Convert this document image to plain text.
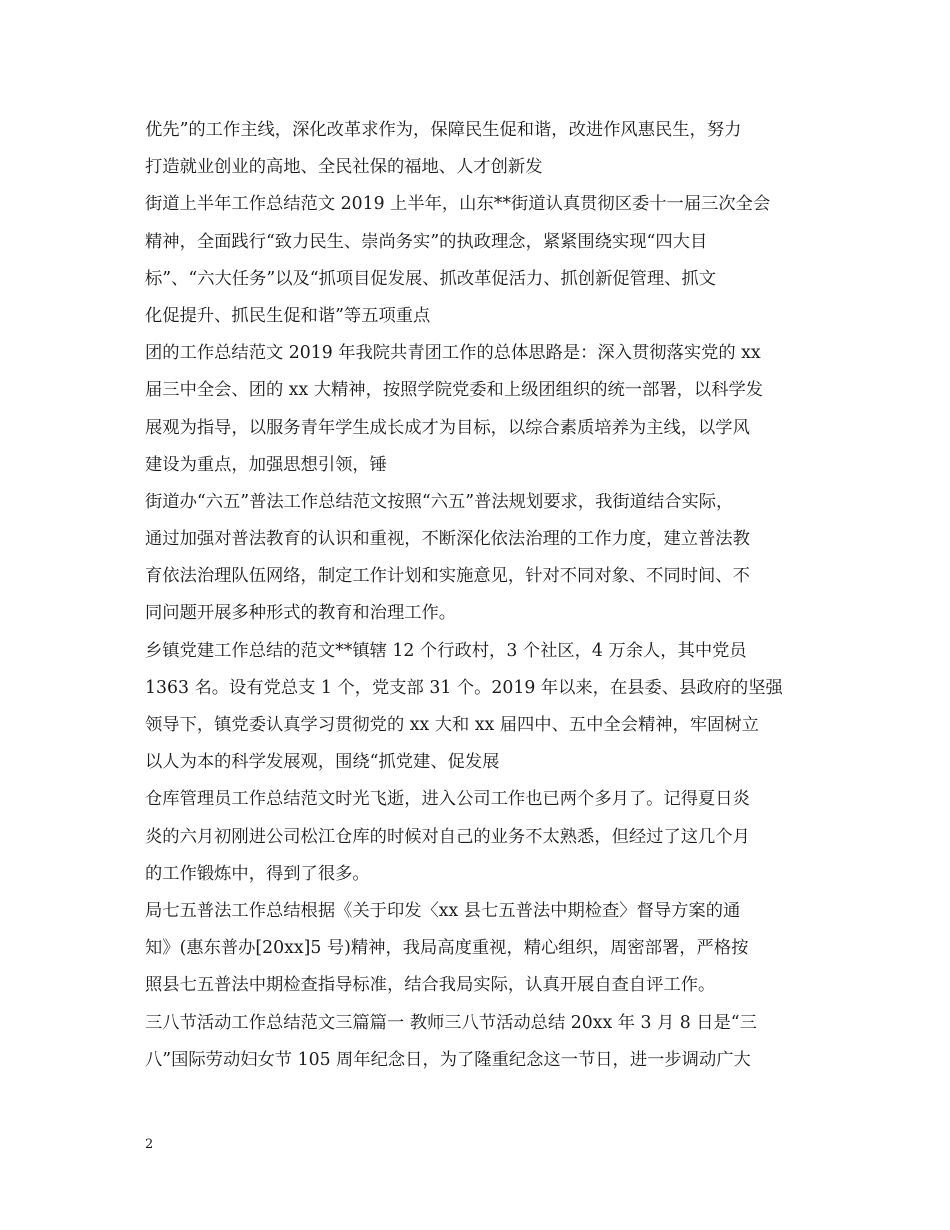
优先”的工作主线，深化改革求作为，保障民生促和谐，改进作风惠民生，努力
打造就业创业的高地、全民社保的福地、人才创新发
街道上半年工作总结范文 2019 上半年，山东**街道认真贯彻区委十一届三次全会
精神，全面践行“致力民生、崇尚务实”的执政理念，紧紧围绕实现“四大目
标”、“六大任务”以及“抓项目促发展、抓改革促活力、抓创新促管理、抓文
化促提升、抓民生促和谐”等五项重点
团的工作总结范文 2019 年我院共青团工作的总体思路是：深入贯彻落实党的 xx
届三中全会、团的 xx 大精神，按照学院党委和上级团组织的统一部署，以科学发
展观为指导，以服务青年学生成长成才为目标，以综合素质培养为主线，以学风
建设为重点，加强思想引领，锤
街道办“六五”普法工作总结范文按照“六五”普法规划要求，我街道结合实际，
通过加强对普法教育的认识和重视，不断深化依法治理的工作力度，建立普法教
育依法治理队伍网络，制定工作计划和实施意见，针对不同对象、不同时间、不
同问题开展多种形式的教育和治理工作。
乡镇党建工作总结的范文**镇辖 12 个行政村，3 个社区，4 万余人，其中党员
1363 名。设有党总支 1 个，党支部 31 个。2019 年以来，在县委、县政府的坚强
领导下，镇党委认真学习贯彻党的 xx 大和 xx 届四中、五中全会精神，牢固树立
以人为本的科学发展观，围绕“抓党建、促发展
仓库管理员工作总结范文时光飞逝，进入公司工作也已两个多月了。记得夏日炎
炎的六月初刚进公司松江仓库的时候对自己的业务不太熟悉，但经过了这几个月
的工作锻炼中，得到了很多。
局七五普法工作总结根据《关于印发〈xx 县七五普法中期检查〉督导方案的通
知》(惠东普办[20xx]5 号)精神，我局高度重视，精心组织，周密部署，严格按
照县七五普法中期检查指导标准，结合我局实际，认真开展自查自评工作。
三八节活动工作总结范文三篇篇一 教师三八节活动总结 20xx 年 3 月 8 日是“三
八”国际劳动妇女节 105 周年纪念日，为了隆重纪念这一节日，进一步调动广大
2
